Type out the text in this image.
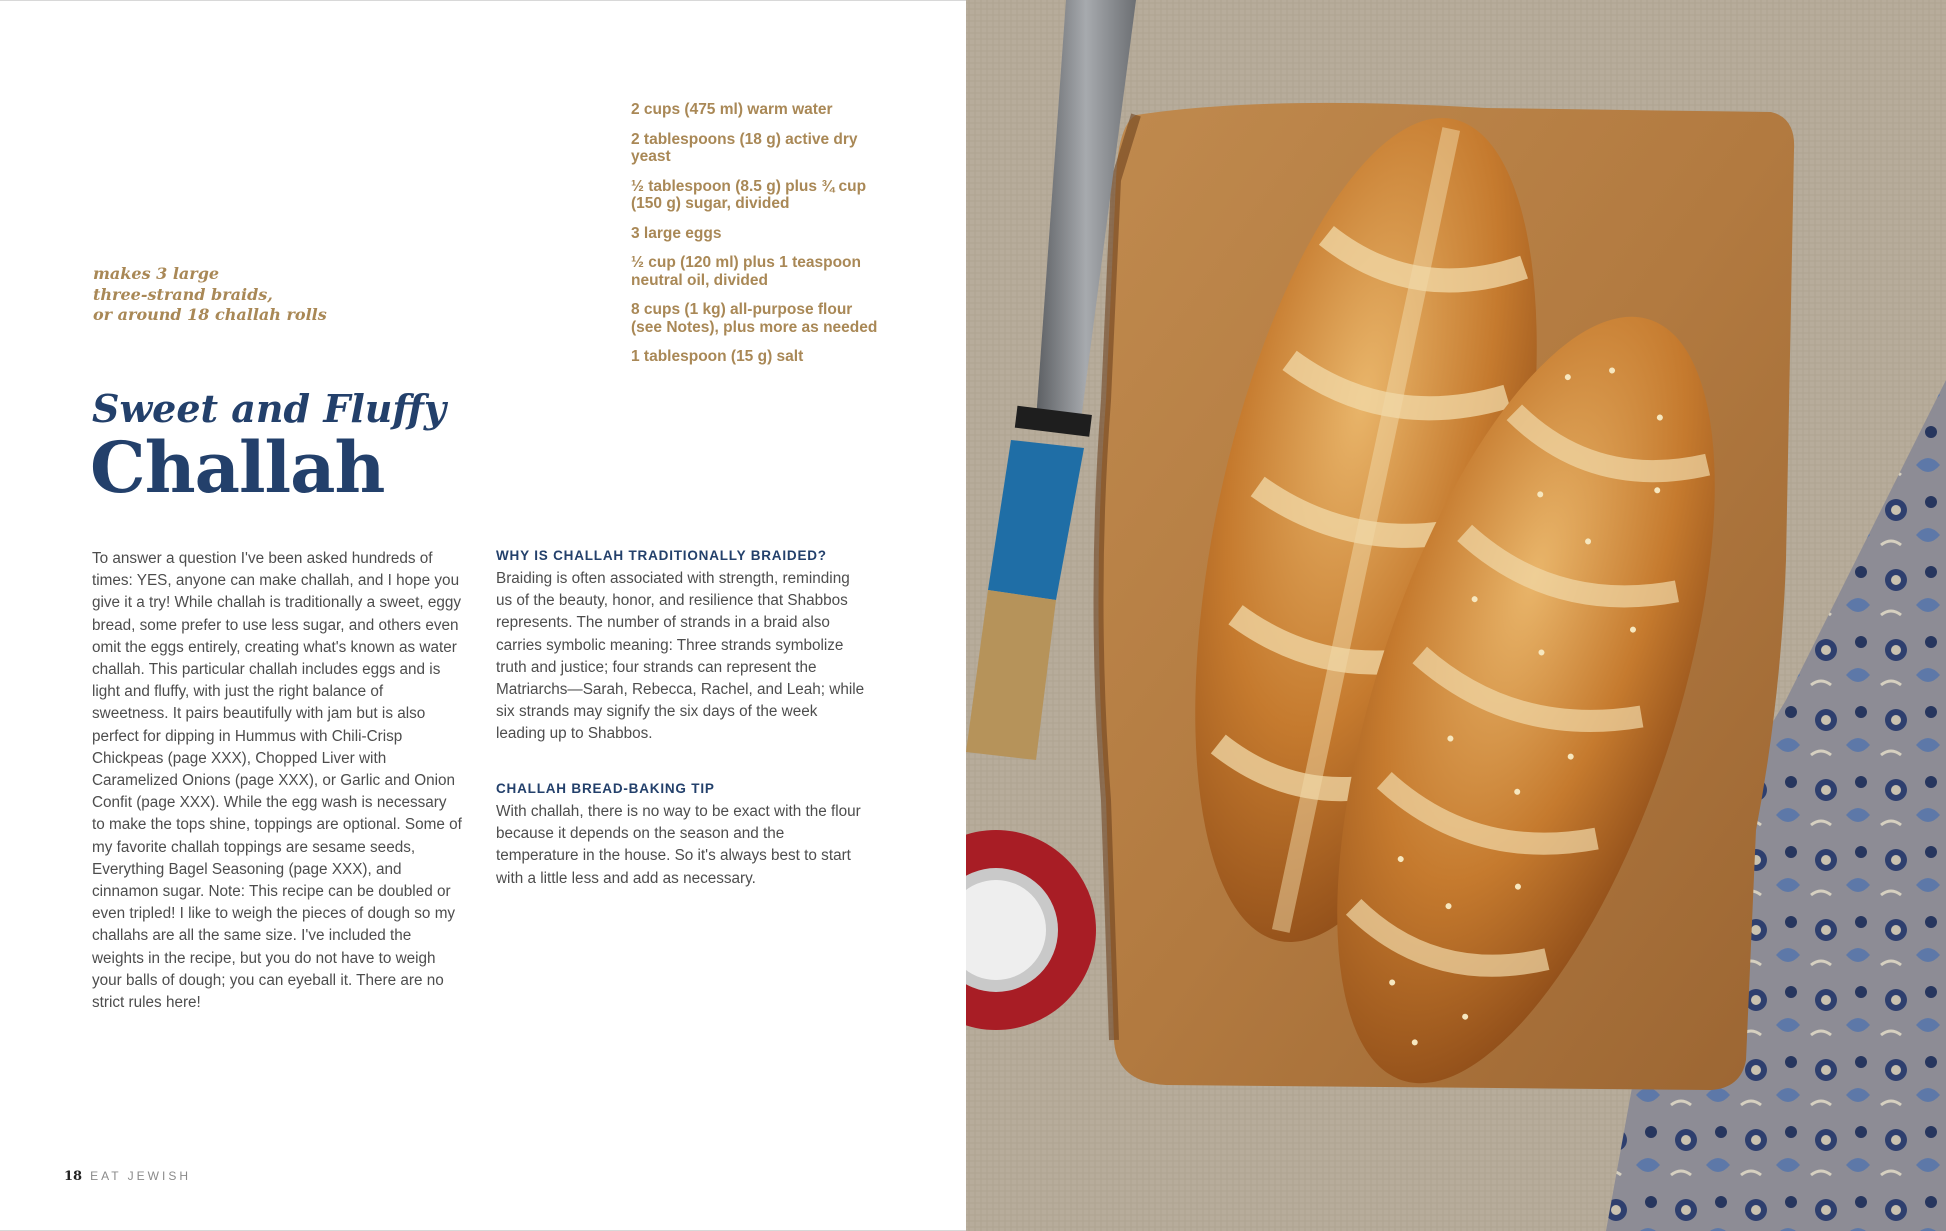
2 cups (475 ml) warm water
2 tablespoons (18 g) active dry yeast
½ tablespoon (8.5 g) plus ¾ cup (150 g) sugar, divided
3 large eggs
½ cup (120 ml) plus 1 teaspoon neutral oil, divided
8 cups (1 kg) all-purpose flour (see Notes), plus more as needed
1 tablespoon (15 g) salt
makes 3 large
three-strand braids,
or around 18 challah rolls
Sweet and Fluffy
Challah

To answer a question I've been asked hundreds of times: YES, anyone can make challah, and I hope you give it a try! While challah is traditionally a sweet, eggy bread, some prefer to use less sugar, and others even omit the eggs entirely, creating what's known as water challah. This particular challah includes eggs and is light and fluffy, with just the right balance of sweetness. It pairs beautifully with jam but is also perfect for dipping in Hummus with Chili-Crisp Chickpeas (page XXX), Chopped Liver with Caramelized Onions (page XXX), or Garlic and Onion Confit (page XXX). While the egg wash is necessary to make the tops shine, toppings are optional. Some of my favorite challah toppings are sesame seeds, Everything Bagel Seasoning (page XXX), and cinnamon sugar. Note: This recipe can be doubled or even tripled! I like to weigh the pieces of dough so my challahs are all the same size. I've included the weights in the recipe, but you do not have to weigh your balls of dough; you can eyeball it. There are no strict rules here!

WHY IS CHALLAH TRADITIONALLY BRAIDED?

Braiding is often associated with strength, reminding us of the beauty, honor, and resilience that Shabbos represents. The number of strands in a braid also carries symbolic meaning: Three strands symbolize truth and justice; four strands can represent the Matriarchs—Sarah, Rebecca, Rachel, and Leah; while six strands may signify the six days of the week leading up to Shabbos.

CHALLAH BREAD-BAKING TIP

With challah, there is no way to be exact with the flour because it depends on the season and the temperature in the house. So it's always best to start with a little less and add as necessary.

18 EAT JEWISH
